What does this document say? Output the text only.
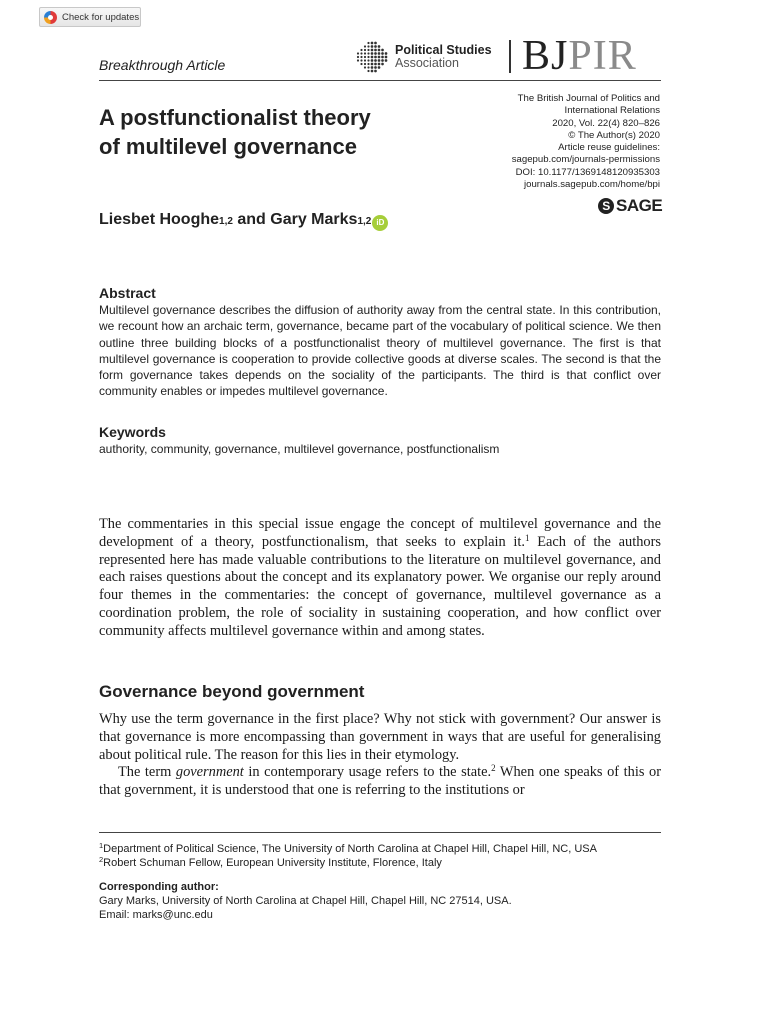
Check for updates
Breakthrough Article
Political Studies
Association	BJPIR
A postfunctionalist theory
of multilevel governance
The British Journal of Politics and
International Relations
2020, Vol. 22(4) 820–826
© The Author(s) 2020
Article reuse guidelines:
sagepub.com/journals-permissions
DOI: 10.1177/1369148120935303
journals.sagepub.com/home/bpi
S SAGE
Liesbet Hooghe 1,2 and Gary Marks 1,2 iD
Abstract

Multilevel governance describes the diffusion of authority away from the central state. In this contribution, we recount how an archaic term, governance, became part of the vocabulary of political science. We then outline three building blocks of a postfunctionalist theory of multilevel governance. The first is that multilevel governance is cooperation to provide collective goods at diverse scales. The second is that the form governance takes depends on the sociality of the participants. The third is that conflict over community enables or impedes multilevel governance.

Keywords

authority, community, governance, multilevel governance, postfunctionalism

The commentaries in this special issue engage the concept of multilevel governance and the development of a theory, postfunctionalism, that seeks to explain it.$^1$ Each of the authors represented here has made valuable contributions to the literature on multilevel governance, and each raises questions about the concept and its explanatory power. We organise our reply around four themes in the commentaries: the concept of governance, multilevel governance as a coordination problem, the role of sociality in sustaining cooperation, and how conflict over community affects multilevel governance within and among states.

Governance beyond government

Why use the term governance in the first place? Why not stick with government? Our answer is that governance is more encompassing than government in ways that are useful for generalising about political rule. The reason for this lies in their etymology.

The term government in contemporary usage refers to the state.$^2$ When one speaks of this or that government, it is understood that one is referring to the institutions or

$^1$Department of Political Science, The University of North Carolina at Chapel Hill, Chapel Hill, NC, USA
$^2$Robert Schuman Fellow, European University Institute, Florence, Italy
Corresponding author:
Gary Marks, University of North Carolina at Chapel Hill, Chapel Hill, NC 27514, USA.
Email: marks@unc.edu
